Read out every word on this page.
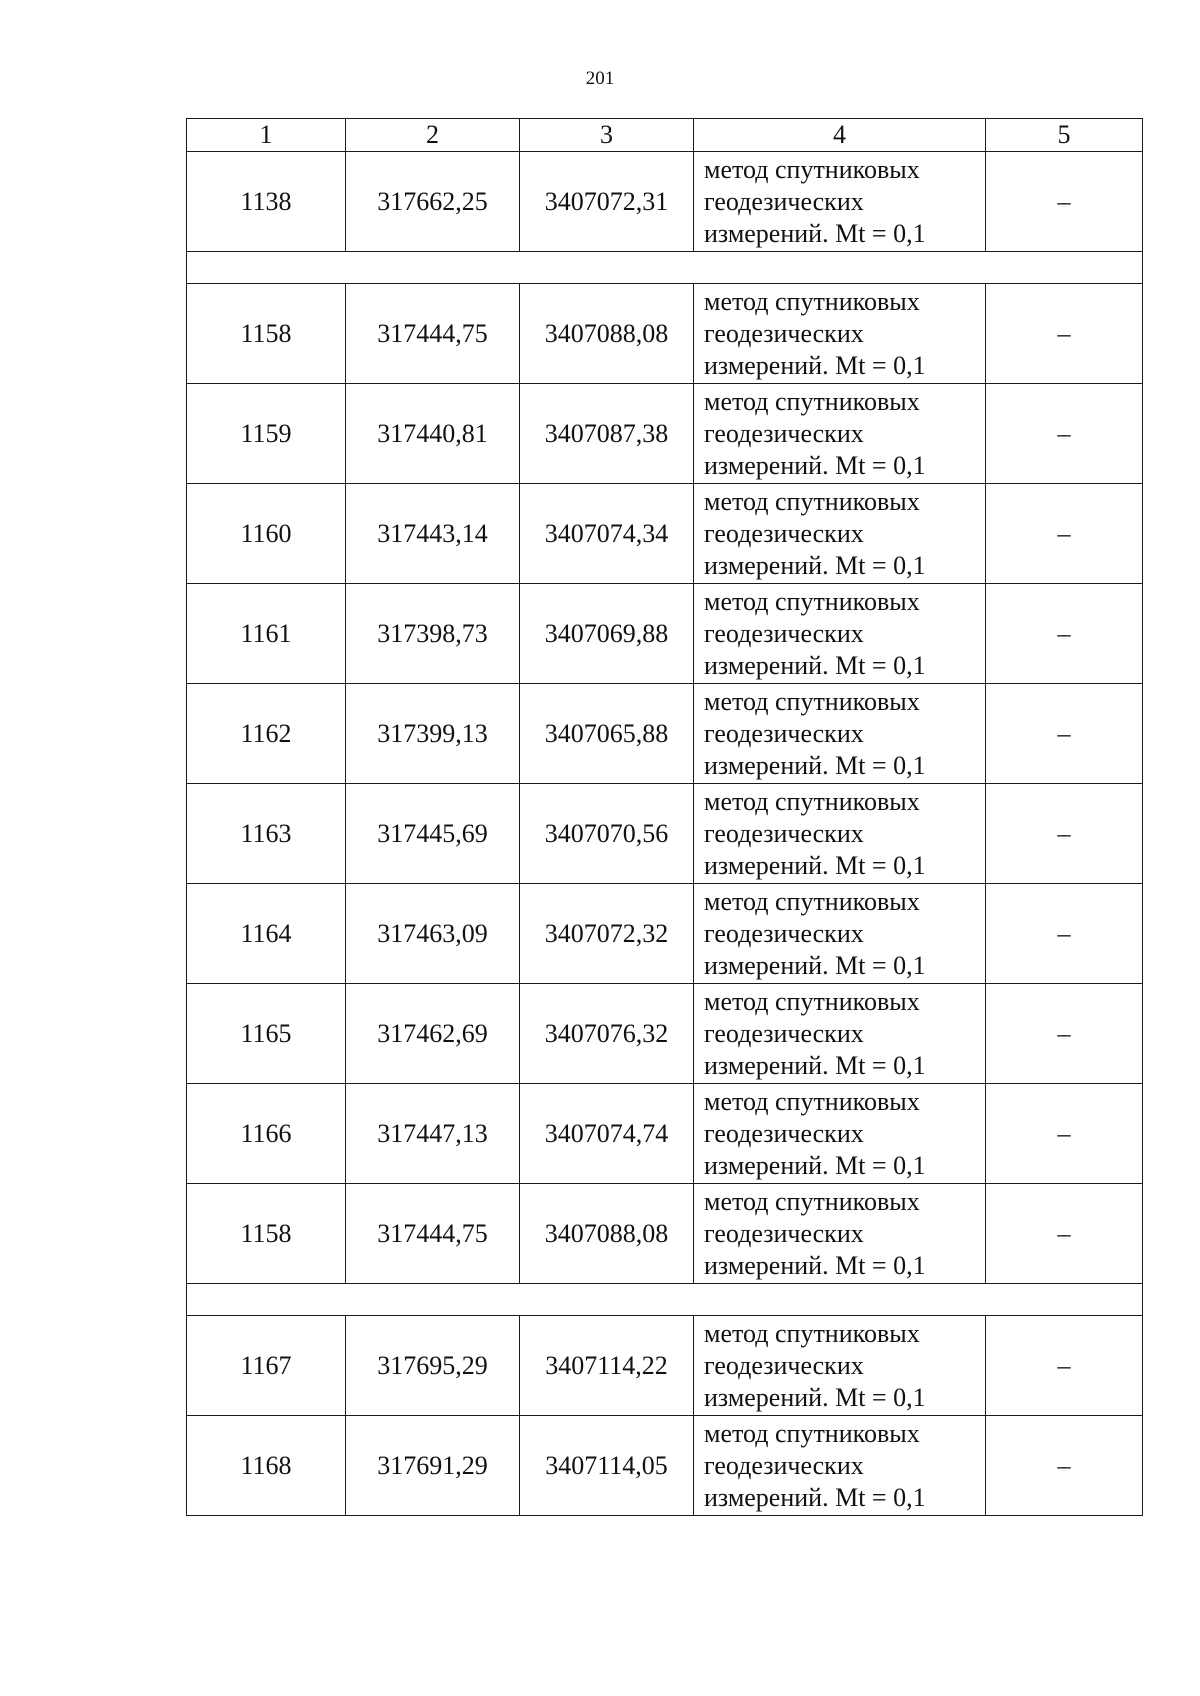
201
1	2	3	4	5
1138	317662,25	3407072,31	метод спутниковых
геодезических
измерений. Mt = 0,1	–

1158	317444,75	3407088,08	метод спутниковых
геодезических
измерений. Mt = 0,1	–
1159	317440,81	3407087,38	метод спутниковых
геодезических
измерений. Mt = 0,1	–
1160	317443,14	3407074,34	метод спутниковых
геодезических
измерений. Mt = 0,1	–
1161	317398,73	3407069,88	метод спутниковых
геодезических
измерений. Mt = 0,1	–
1162	317399,13	3407065,88	метод спутниковых
геодезических
измерений. Mt = 0,1	–
1163	317445,69	3407070,56	метод спутниковых
геодезических
измерений. Mt = 0,1	–
1164	317463,09	3407072,32	метод спутниковых
геодезических
измерений. Mt = 0,1	–
1165	317462,69	3407076,32	метод спутниковых
геодезических
измерений. Mt = 0,1	–
1166	317447,13	3407074,74	метод спутниковых
геодезических
измерений. Mt = 0,1	–
1158	317444,75	3407088,08	метод спутниковых
геодезических
измерений. Mt = 0,1	–

1167	317695,29	3407114,22	метод спутниковых
геодезических
измерений. Mt = 0,1	–
1168	317691,29	3407114,05	метод спутниковых
геодезических
измерений. Mt = 0,1	–
